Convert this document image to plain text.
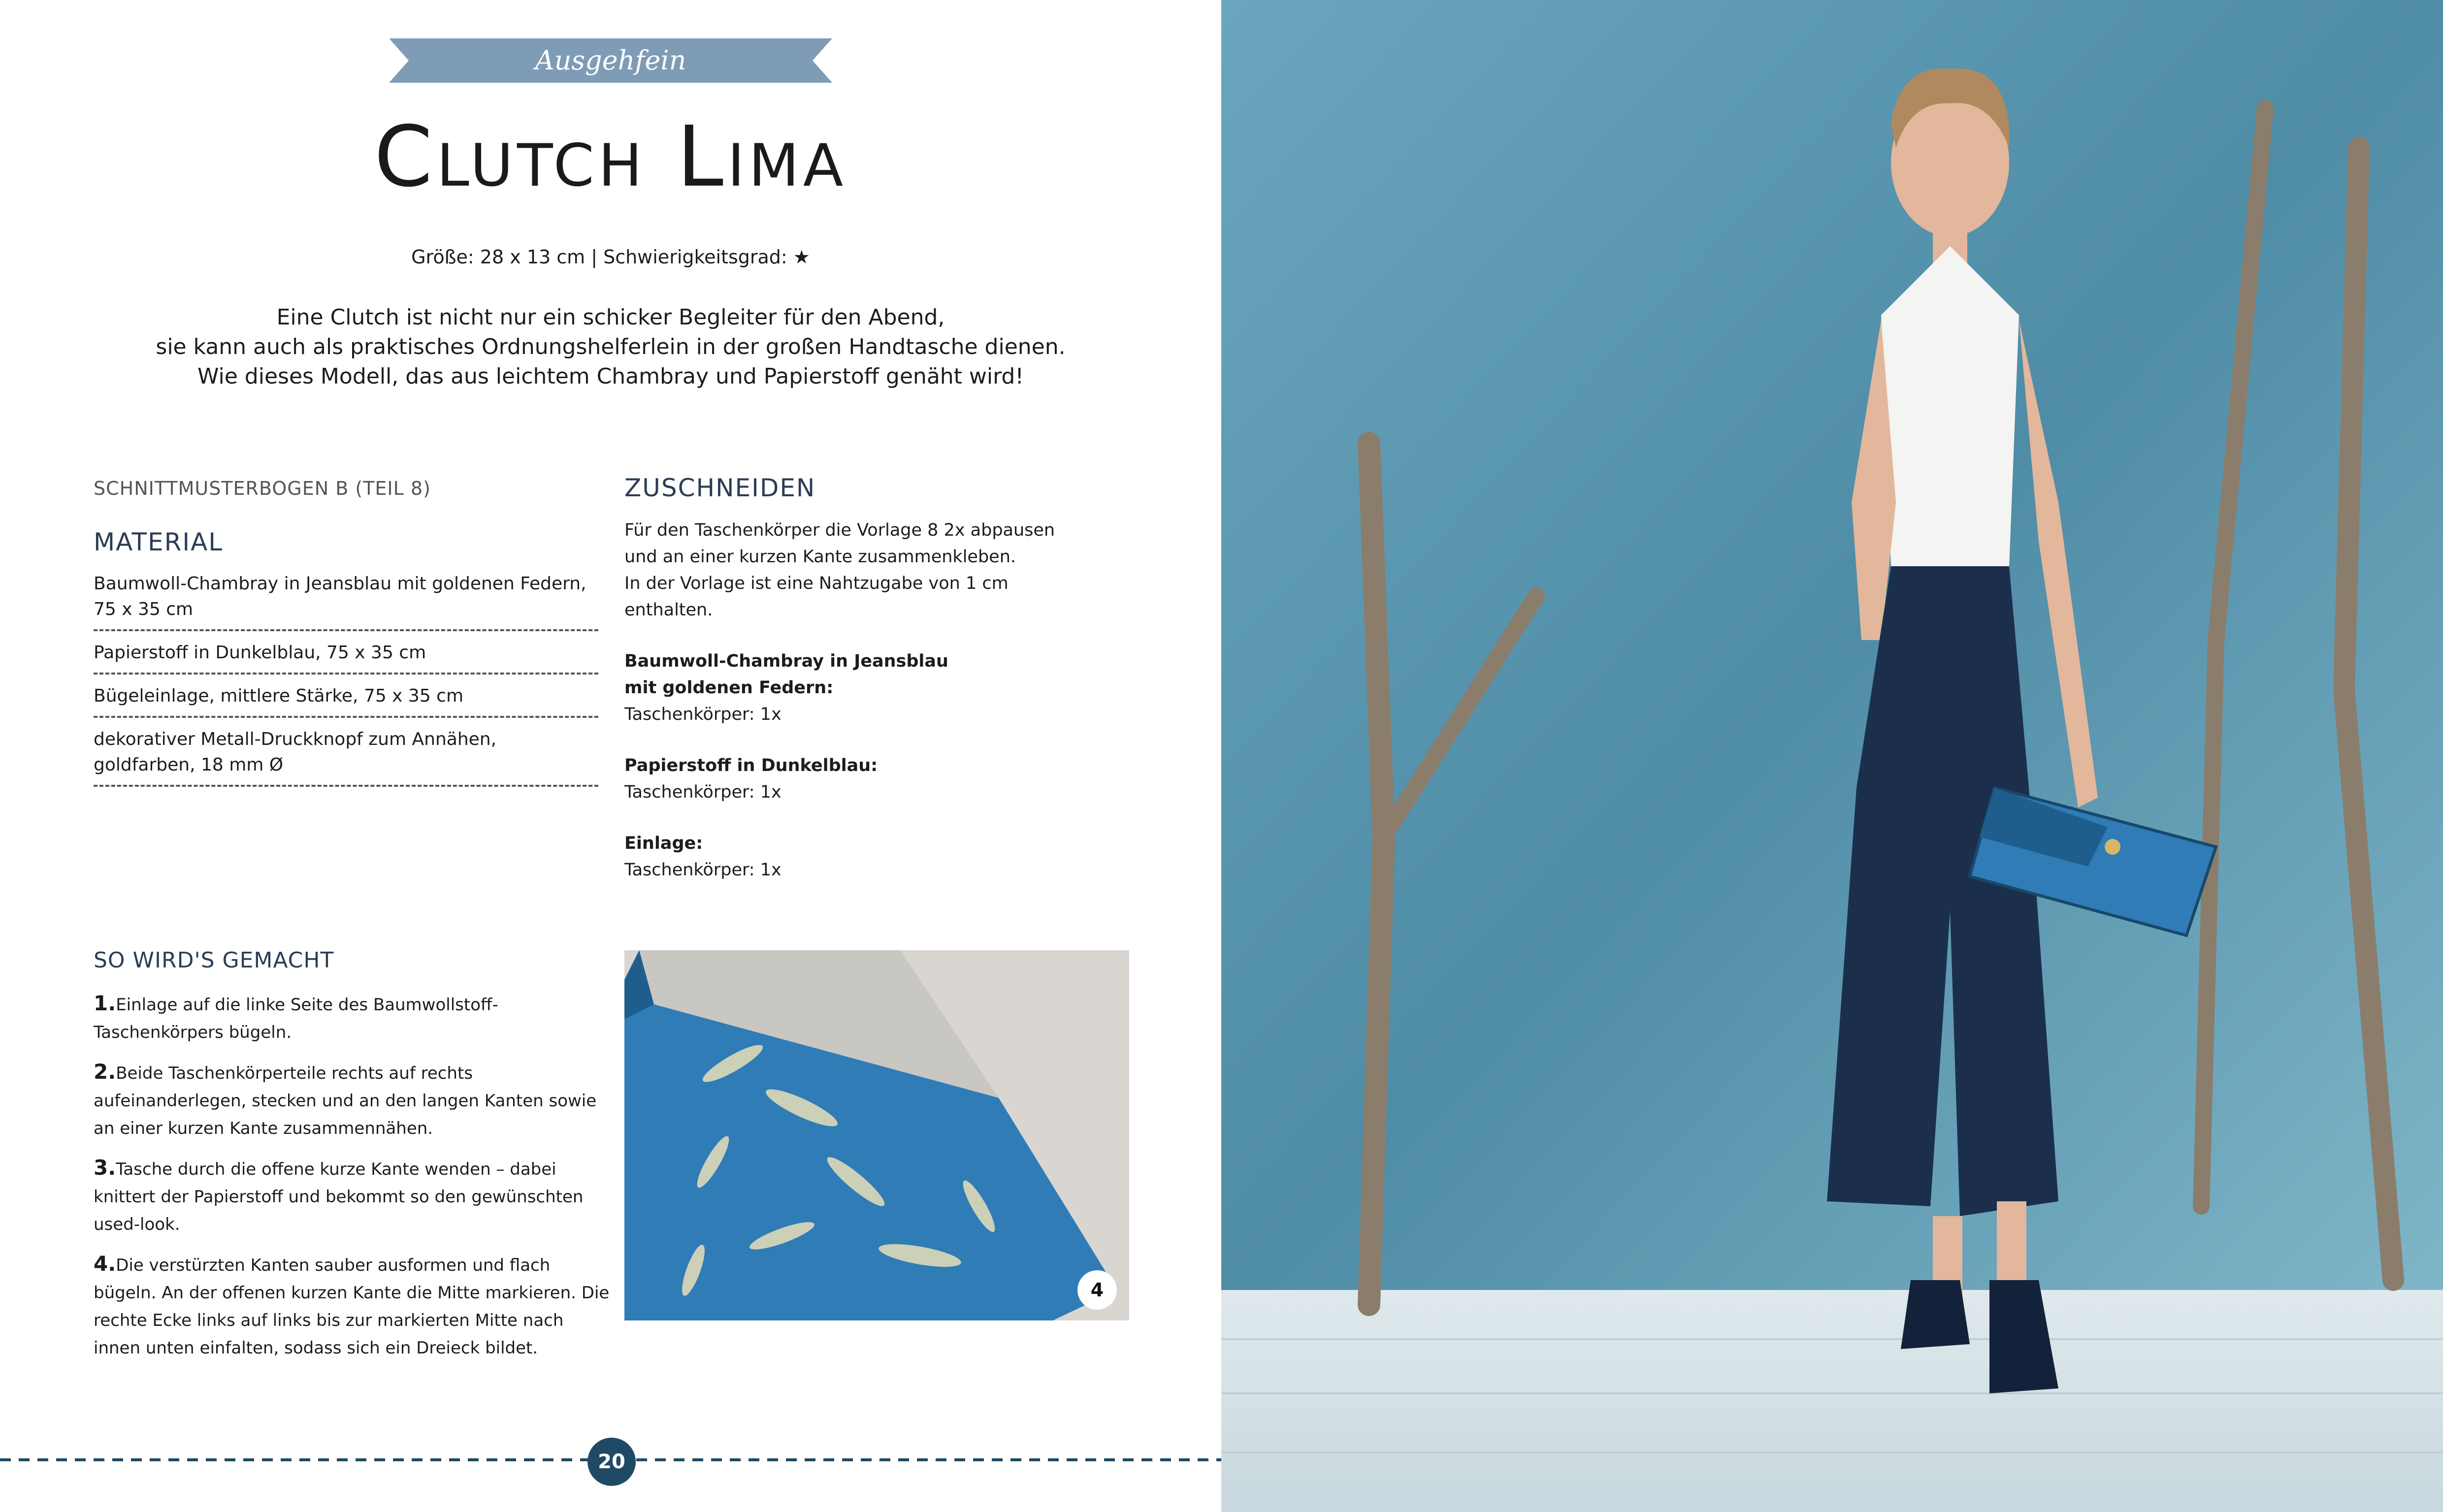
Ausgehfein
Clutch Lima
Größe: 28 x 13 cm | Schwierigkeitsgrad: ★
Eine Clutch ist nicht nur ein schicker Begleiter für den Abend,
sie kann auch als praktisches Ordnungshelferlein in der großen Handtasche dienen.
Wie dieses Modell, das aus leichtem Chambray und Papierstoff genäht wird!
SCHNITTMUSTERBOGEN B (TEIL 8)
MATERIAL
Baumwoll-Chambray in Jeansblau mit goldenen Federn, 75 x 35 cm
Papierstoff in Dunkelblau, 75 x 35 cm
Bügeleinlage, mittlere Stärke, 75 x 35 cm
dekorativer Metall-Druckknopf zum Annähen, goldfarben, 18 mm Ø
ZUSCHNEIDEN

Für den Taschenkörper die Vorlage 8 2x abpausen
und an einer kurzen Kante zusammenkleben.
In der Vorlage ist eine Nahtzugabe von 1 cm enthalten.

Baumwoll-Chambray in Jeansblau
mit goldenen Federn:
Taschenkörper: 1x

Papierstoff in Dunkelblau:
Taschenkörper: 1x

Einlage:
Taschenkörper: 1x

SO WIRD'S GEMACHT
1.Einlage auf die linke Seite des Baumwollstoff-Taschenkörpers bügeln.
2.Beide Taschenkörperteile rechts auf rechts aufeinanderlegen, stecken und an den langen Kanten sowie an einer kurzen Kante zusammennähen.
3.Tasche durch die offene kurze Kante wenden – dabei knittert der Papierstoff und bekommt so den gewünschten used-look.
4.Die verstürzten Kanten sauber ausformen und flach bügeln. An der offenen kurzen Kante die Mitte markieren. Die rechte Ecke links auf links bis zur markierten Mitte nach innen unten einfalten, sodass sich ein Dreieck bildet.
4
20
